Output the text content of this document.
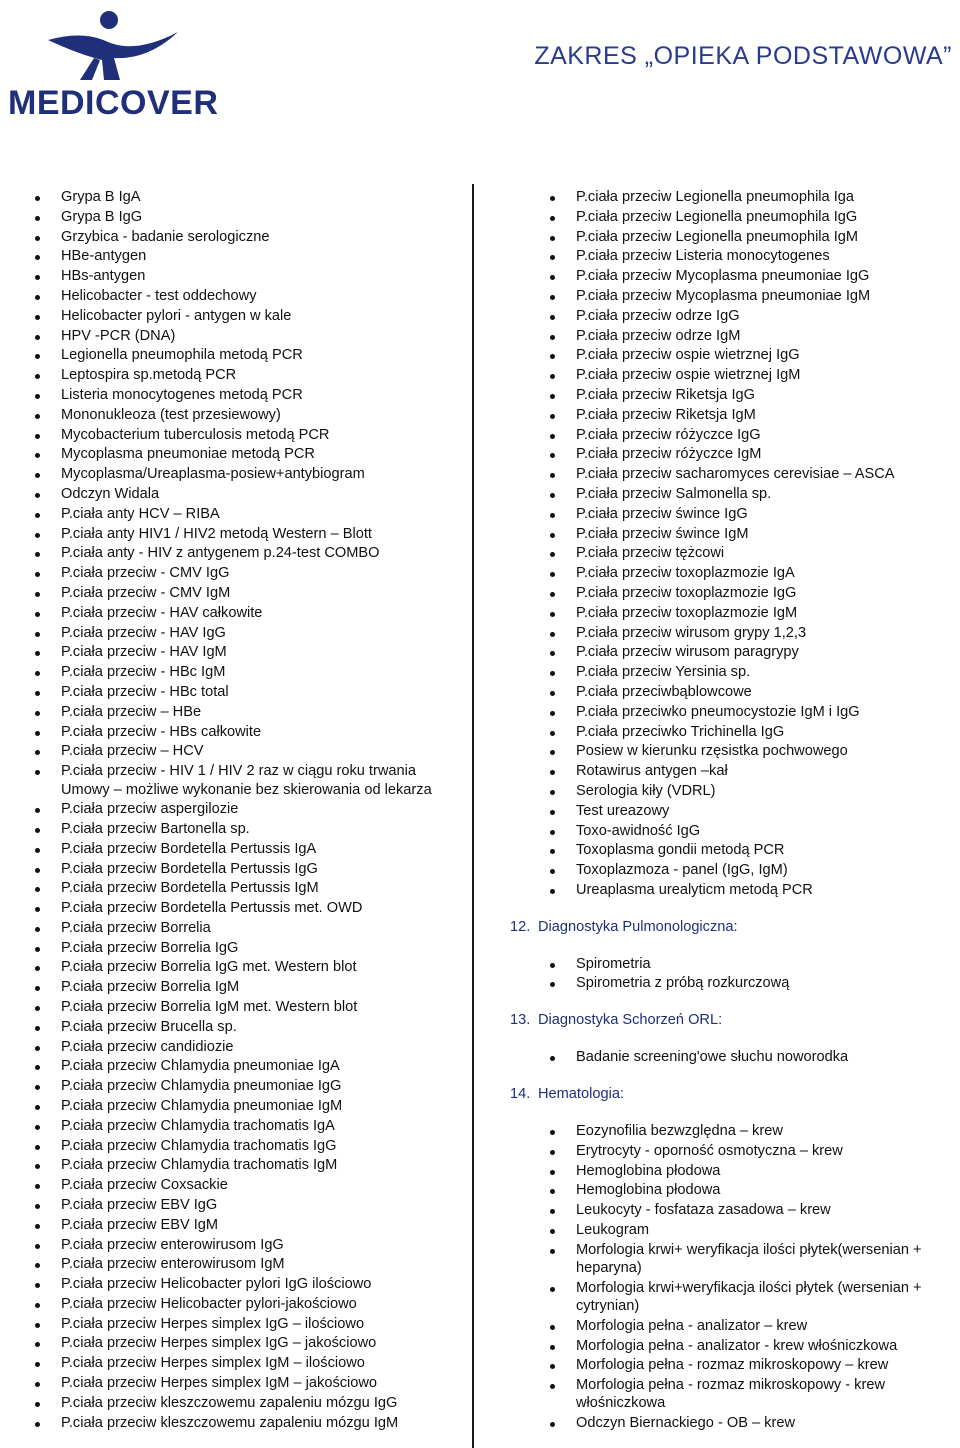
MEDICOVER
ZAKRES „OPIEKA PODSTAWOWA”
Grypa B IgA
Grypa B IgG
Grzybica - badanie serologiczne
HBe-antygen
HBs-antygen
Helicobacter - test oddechowy
Helicobacter pylori - antygen w kale
HPV -PCR (DNA)
Legionella pneumophila metodą PCR
Leptospira sp.metodą PCR
Listeria monocytogenes metodą PCR
Mononukleoza (test przesiewowy)
Mycobacterium tuberculosis metodą PCR
Mycoplasma pneumoniae metodą PCR
Mycoplasma/Ureaplasma-posiew+antybiogram
Odczyn Widala
P.ciała anty HCV – RIBA
P.ciała anty HIV1 / HIV2 metodą Western – Blott
P.ciała anty - HIV z antygenem p.24-test COMBO
P.ciała przeciw - CMV IgG
P.ciała przeciw - CMV IgM
P.ciała przeciw - HAV całkowite
P.ciała przeciw - HAV IgG
P.ciała przeciw - HAV IgM
P.ciała przeciw - HBc IgM
P.ciała przeciw - HBc total
P.ciała przeciw – HBe
P.ciała przeciw - HBs całkowite
P.ciała przeciw – HCV
P.ciała przeciw - HIV 1 / HIV 2 raz w ciągu roku trwania Umowy – możliwe wykonanie bez skierowania od lekarza
P.ciała przeciw aspergilozie
P.ciała przeciw Bartonella sp.
P.ciała przeciw Bordetella Pertussis IgA
P.ciała przeciw Bordetella Pertussis IgG
P.ciała przeciw Bordetella Pertussis IgM
P.ciała przeciw Bordetella Pertussis met. OWD
P.ciała przeciw Borrelia
P.ciała przeciw Borrelia IgG
P.ciała przeciw Borrelia IgG met. Western blot
P.ciała przeciw Borrelia IgM
P.ciała przeciw Borrelia IgM met. Western blot
P.ciała przeciw Brucella sp.
P.ciała przeciw candidiozie
P.ciała przeciw Chlamydia pneumoniae IgA
P.ciała przeciw Chlamydia pneumoniae IgG
P.ciała przeciw Chlamydia pneumoniae IgM
P.ciała przeciw Chlamydia trachomatis IgA
P.ciała przeciw Chlamydia trachomatis IgG
P.ciała przeciw Chlamydia trachomatis IgM
P.ciała przeciw Coxsackie
P.ciała przeciw EBV IgG
P.ciała przeciw EBV IgM
P.ciała przeciw enterowirusom IgG
P.ciała przeciw enterowirusom IgM
P.ciała przeciw Helicobacter pylori IgG ilościowo
P.ciała przeciw Helicobacter pylori-jakościowo
P.ciała przeciw Herpes simplex IgG – ilościowo
P.ciała przeciw Herpes simplex IgG – jakościowo
P.ciała przeciw Herpes simplex IgM – ilościowo
P.ciała przeciw Herpes simplex IgM – jakościowo
P.ciała przeciw kleszczowemu zapaleniu mózgu IgG
P.ciała przeciw kleszczowemu zapaleniu mózgu IgM
P.ciała przeciw Legionella pneumophila Iga
P.ciała przeciw Legionella pneumophila IgG
P.ciała przeciw Legionella pneumophila IgM
P.ciała przeciw Listeria monocytogenes
P.ciała przeciw Mycoplasma pneumoniae IgG
P.ciała przeciw Mycoplasma pneumoniae IgM
P.ciała przeciw odrze IgG
P.ciała przeciw odrze IgM
P.ciała przeciw ospie wietrznej IgG
P.ciała przeciw ospie wietrznej IgM
P.ciała przeciw Riketsja IgG
P.ciała przeciw Riketsja IgM
P.ciała przeciw różyczce IgG
P.ciała przeciw różyczce IgM
P.ciała przeciw sacharomyces cerevisiae – ASCA
P.ciała przeciw Salmonella sp.
P.ciała przeciw śwince IgG
P.ciała przeciw śwince IgM
P.ciała przeciw tężcowi
P.ciała przeciw toxoplazmozie IgA
P.ciała przeciw toxoplazmozie IgG
P.ciała przeciw toxoplazmozie IgM
P.ciała przeciw wirusom grypy 1,2,3
P.ciała przeciw wirusom paragrypy
P.ciała przeciw Yersinia sp.
P.ciała przeciwbąblowcowe
P.ciała przeciwko pneumocystozie IgM i IgG
P.ciała przeciwko Trichinella IgG
Posiew w kierunku rzęsistka pochwowego
Rotawirus antygen –kał
Serologia kiły (VDRL)
Test ureazowy
Toxo-awidność IgG
Toxoplasma gondii metodą PCR
Toxoplazmoza - panel (IgG, IgM)
Ureaplasma urealyticm metodą PCR
12. Diagnostyka Pulmonologiczna:
Spirometria
Spirometria z próbą rozkurczową
13. Diagnostyka Schorzeń ORL:
Badanie screening'owe słuchu noworodka
14. Hematologia:
Eozynofilia bezwzględna – krew
Erytrocyty - oporność osmotyczna – krew
Hemoglobina płodowa
Hemoglobina płodowa
Leukocyty - fosfataza zasadowa – krew
Leukogram
Morfologia krwi+ weryfikacja ilości płytek(wersenian + heparyna)
Morfologia krwi+weryfikacja ilości płytek (wersenian + cytrynian)
Morfologia pełna - analizator – krew
Morfologia pełna - analizator - krew włośniczkowa
Morfologia pełna - rozmaz mikroskopowy – krew
Morfologia pełna - rozmaz mikroskopowy - krew włośniczkowa
Odczyn Biernackiego - OB – krew
